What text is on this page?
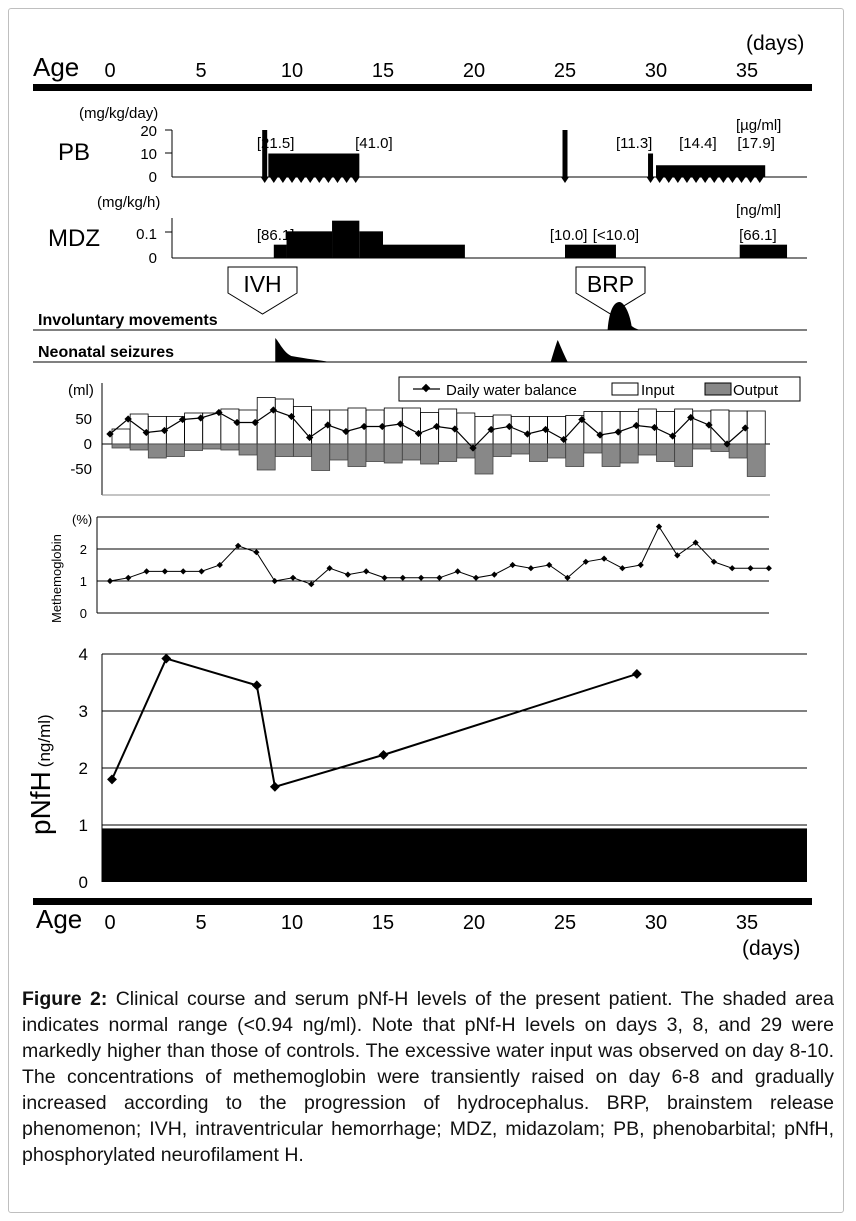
Age
(days)
0	5	10	15	20	25	30	35
(mg/kg/day)
[µg/ml]
PB
20
10
0
[21.5]	[41.0]	[11.3] [14.4] [17.9]
(mg/kg/h)	[ng/ml]
MDZ 0.1
0
[86.1]	[10.0] [<10.0]	[66.1]
IVH	BRP
Involuntary movements
Neonatal seizures
(ml)
50
0
-50
Daily water balance	Input	Output
Methemoglobin
(%)
2
1
0
pNfH(ng/ml)
4
3
2
1
0
Age
(days)
0	5	10	15	20	25	30	35
Figure 2: Clinical course and serum pNf-H levels of the present patient. The shaded area indicates normal range (<0.94 ng/ml). Note that pNf-H levels on days 3, 8, and 29 were markedly higher than those of controls. The excessive water input was observed on day 8-10. The concentrations of methemoglobin were transiently raised on day 6-8 and gradually increased according to the progression of hydrocephalus. BRP, brainstem release phenomenon; IVH, intraventricular hemorrhage; MDZ, midazolam; PB, phenobarbital; pNfH, phosphorylated neurofilament H.
